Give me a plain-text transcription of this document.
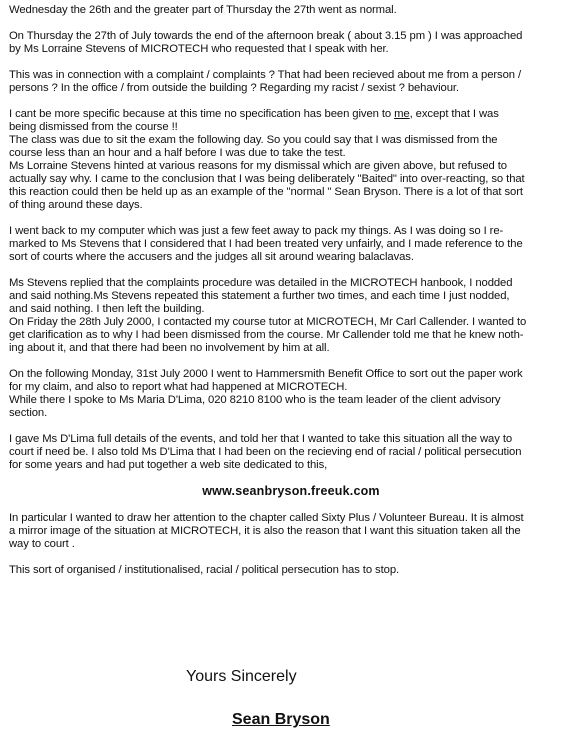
Wednesday the 26th and the greater part of Thursday the 27th went as normal.

On Thursday the 27th of July towards the end of the afternoon break ( about 3.15 pm ) I was approached
by Ms Lorraine Stevens of MICROTECH who requested that I speak with her.

This was in connection with a complaint / complaints ? That had been recieved about me from a person /
persons ? In the office / from outside the building ? Regarding my racist / sexist ? behaviour.

I cant be more specific because at this time no specification has been given to me, except that I was
being dismissed from the course !!
The class was due to sit the exam the following day. So you could say that I was dismissed from the
course less than an hour and a half before I was due to take the test.
Ms Lorraine Stevens hinted at various reasons for my dismissal which are given above, but refused to
actually say why. I came to the conclusion that I was being deliberately "Baited" into over-reacting, so that
this reaction could then be held up as an example of the "normal " Sean Bryson. There is a lot of that sort
of thing around these days.

I went back to my computer which was just a few feet away to pack my things. As I was doing so I re-
marked to Ms Stevens that I considered that I had been treated very unfairly, and I made reference to the
sort of courts where the accusers and the judges all sit around wearing balaclavas.

Ms Stevens replied that the complaints procedure was detailed in the MICROTECH hanbook, I nodded
and said nothing.Ms Stevens repeated this statement a further two times, and each time I just nodded,
and said nothing. I then left the building.
On Friday the 28th July 2000, I contacted my course tutor at MICROTECH, Mr Carl Callender. I wanted to
get clarification as to why I had been dismissed from the course. Mr Callender told me that he knew noth-
ing about it, and that there had been no involvement by him at all.

On the following Monday, 31st July 2000 I went to Hammersmith Benefit Office to sort out the paper work
for my claim, and also to report what had happened at MICROTECH.
While there I spoke to Ms Maria D'Lima, 020 8210 8100 who is the team leader of the client advisory
section.

I gave Ms D'Lima full details of the events, and told her that I wanted to take this situation all the way to
court if need be. I also told Ms D'Lima that I had been on the recieving end of racial / political persecution
for some years and had put together a web site dedicated to this,

www.seanbryson.freeuk.com

In particular I wanted to draw her attention to the chapter called Sixty Plus / Volunteer Bureau. It is almost
a mirror image of the situation at MICROTECH, it is also the reason that I want this situation taken all the
way to court .

This sort of organised / institutionalised, racial / political persecution has to stop.

Yours Sincerely
Sean Bryson
